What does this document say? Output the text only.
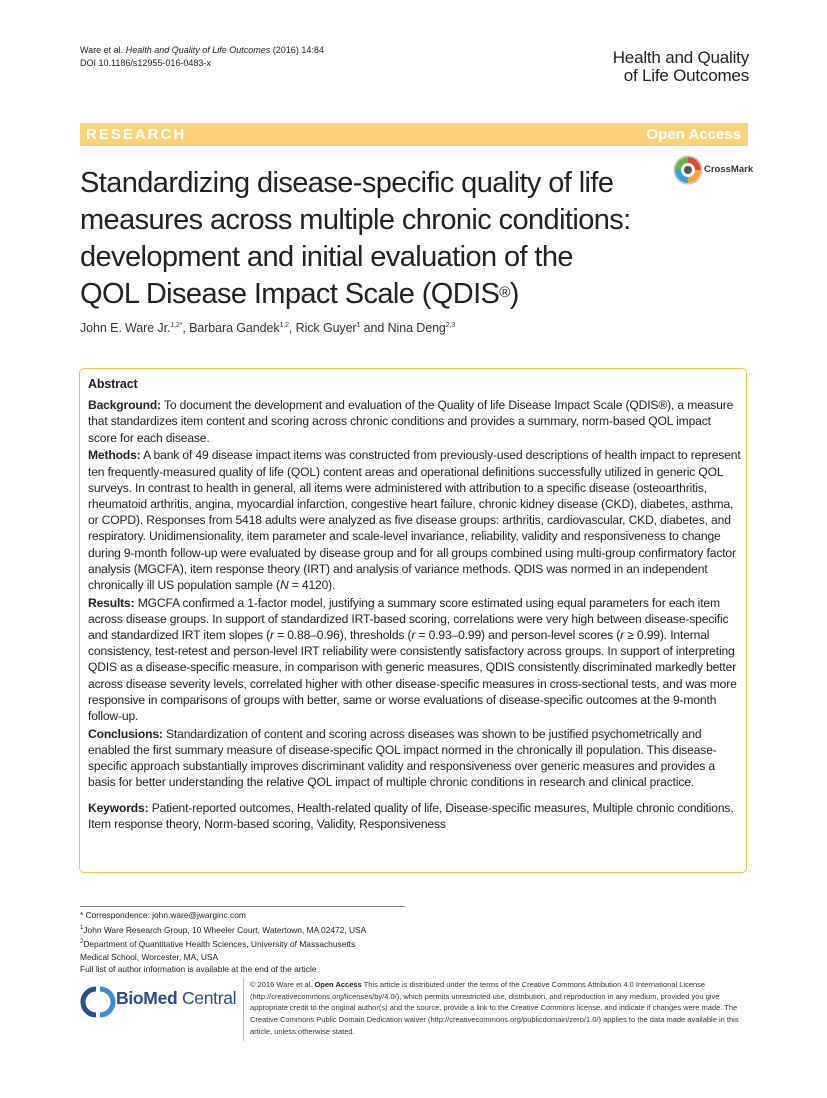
Ware et al. Health and Quality of Life Outcomes (2016) 14:84
DOI 10.1186/s12955-016-0483-x	Health and Quality
of Life Outcomes
RESEARCH	Open Access
CrossMark
Standardizing disease-specific quality of life
measures across multiple chronic conditions:
development and initial evaluation of the
QOL Disease Impact Scale (QDIS®)
John E. Ware Jr.$^{1,2*}$, Barbara Gandek$^{1,2}$, Rick Guyer$^1$ and Nina Deng$^{2,3}$
Abstract

Background: To document the development and evaluation of the Quality of life Disease Impact Scale (QDIS®), a measure that standardizes item content and scoring across chronic conditions and provides a summary, norm-based QOL impact score for each disease.

Methods: A bank of 49 disease impact items was constructed from previously-used descriptions of health impact to represent ten frequently-measured quality of life (QOL) content areas and operational definitions successfully utilized in generic QOL surveys. In contrast to health in general, all items were administered with attribution to a specific disease (osteoarthritis, rheumatoid arthritis, angina, myocardial infarction, congestive heart failure, chronic kidney disease (CKD), diabetes, asthma, or COPD). Responses from 5418 adults were analyzed as five disease groups: arthritis, cardiovascular, CKD, diabetes, and respiratory. Unidimensionality, item parameter and scale-level invariance, reliability, validity and responsiveness to change during 9-month follow-up were evaluated by disease group and for all groups combined using multi-group confirmatory factor analysis (MGCFA), item response theory (IRT) and analysis of variance methods. QDIS was normed in an independent chronically ill US population sample (N = 4120).

Results: MGCFA confirmed a 1-factor model, justifying a summary score estimated using equal parameters for each item across disease groups. In support of standardized IRT-based scoring, correlations were very high between disease-specific and standardized IRT item slopes (r = 0.88–0.96), thresholds (r = 0.93–0.99) and person-level scores (r ≥ 0.99). Internal consistency, test-retest and person-level IRT reliability were consistently satisfactory across groups. In support of interpreting QDIS as a disease-specific measure, in comparison with generic measures, QDIS consistently discriminated markedly better across disease severity levels, correlated higher with other disease-specific measures in cross-sectional tests, and was more responsive in comparisons of groups with better, same or worse evaluations of disease-specific outcomes at the 9-month follow-up.

Conclusions: Standardization of content and scoring across diseases was shown to be justified psychometrically and enabled the first summary measure of disease-specific QOL impact normed in the chronically ill population. This disease-specific approach substantially improves discriminant validity and responsiveness over generic measures and provides a basis for better understanding the relative QOL impact of multiple chronic conditions in research and clinical practice.

Keywords: Patient-reported outcomes, Health-related quality of life, Disease-specific measures, Multiple chronic conditions, Item response theory, Norm-based scoring, Validity, Responsiveness

* Correspondence: john.ware@jwarginc.com
$^1$John Ware Research Group, 10 Wheeler Court, Watertown, MA 02472, USA
$^2$Department of Quantitative Health Sciences, University of Massachusetts
Medical School, Worcester, MA, USA
Full list of author information is available at the end of the article
BioMed Central
© 2016 Ware et al. Open Access This article is distributed under the terms of the Creative Commons Attribution 4.0 International License (http://creativecommons.org/licenses/by/4.0/), which permits unrestricted use, distribution, and reproduction in any medium, provided you give appropriate credit to the original author(s) and the source, provide a link to the Creative Commons license, and indicate if changes were made. The Creative Commons Public Domain Dedication waiver (http://creativecommons.org/publicdomain/zero/1.0/) applies to the data made available in this article, unless otherwise stated.
